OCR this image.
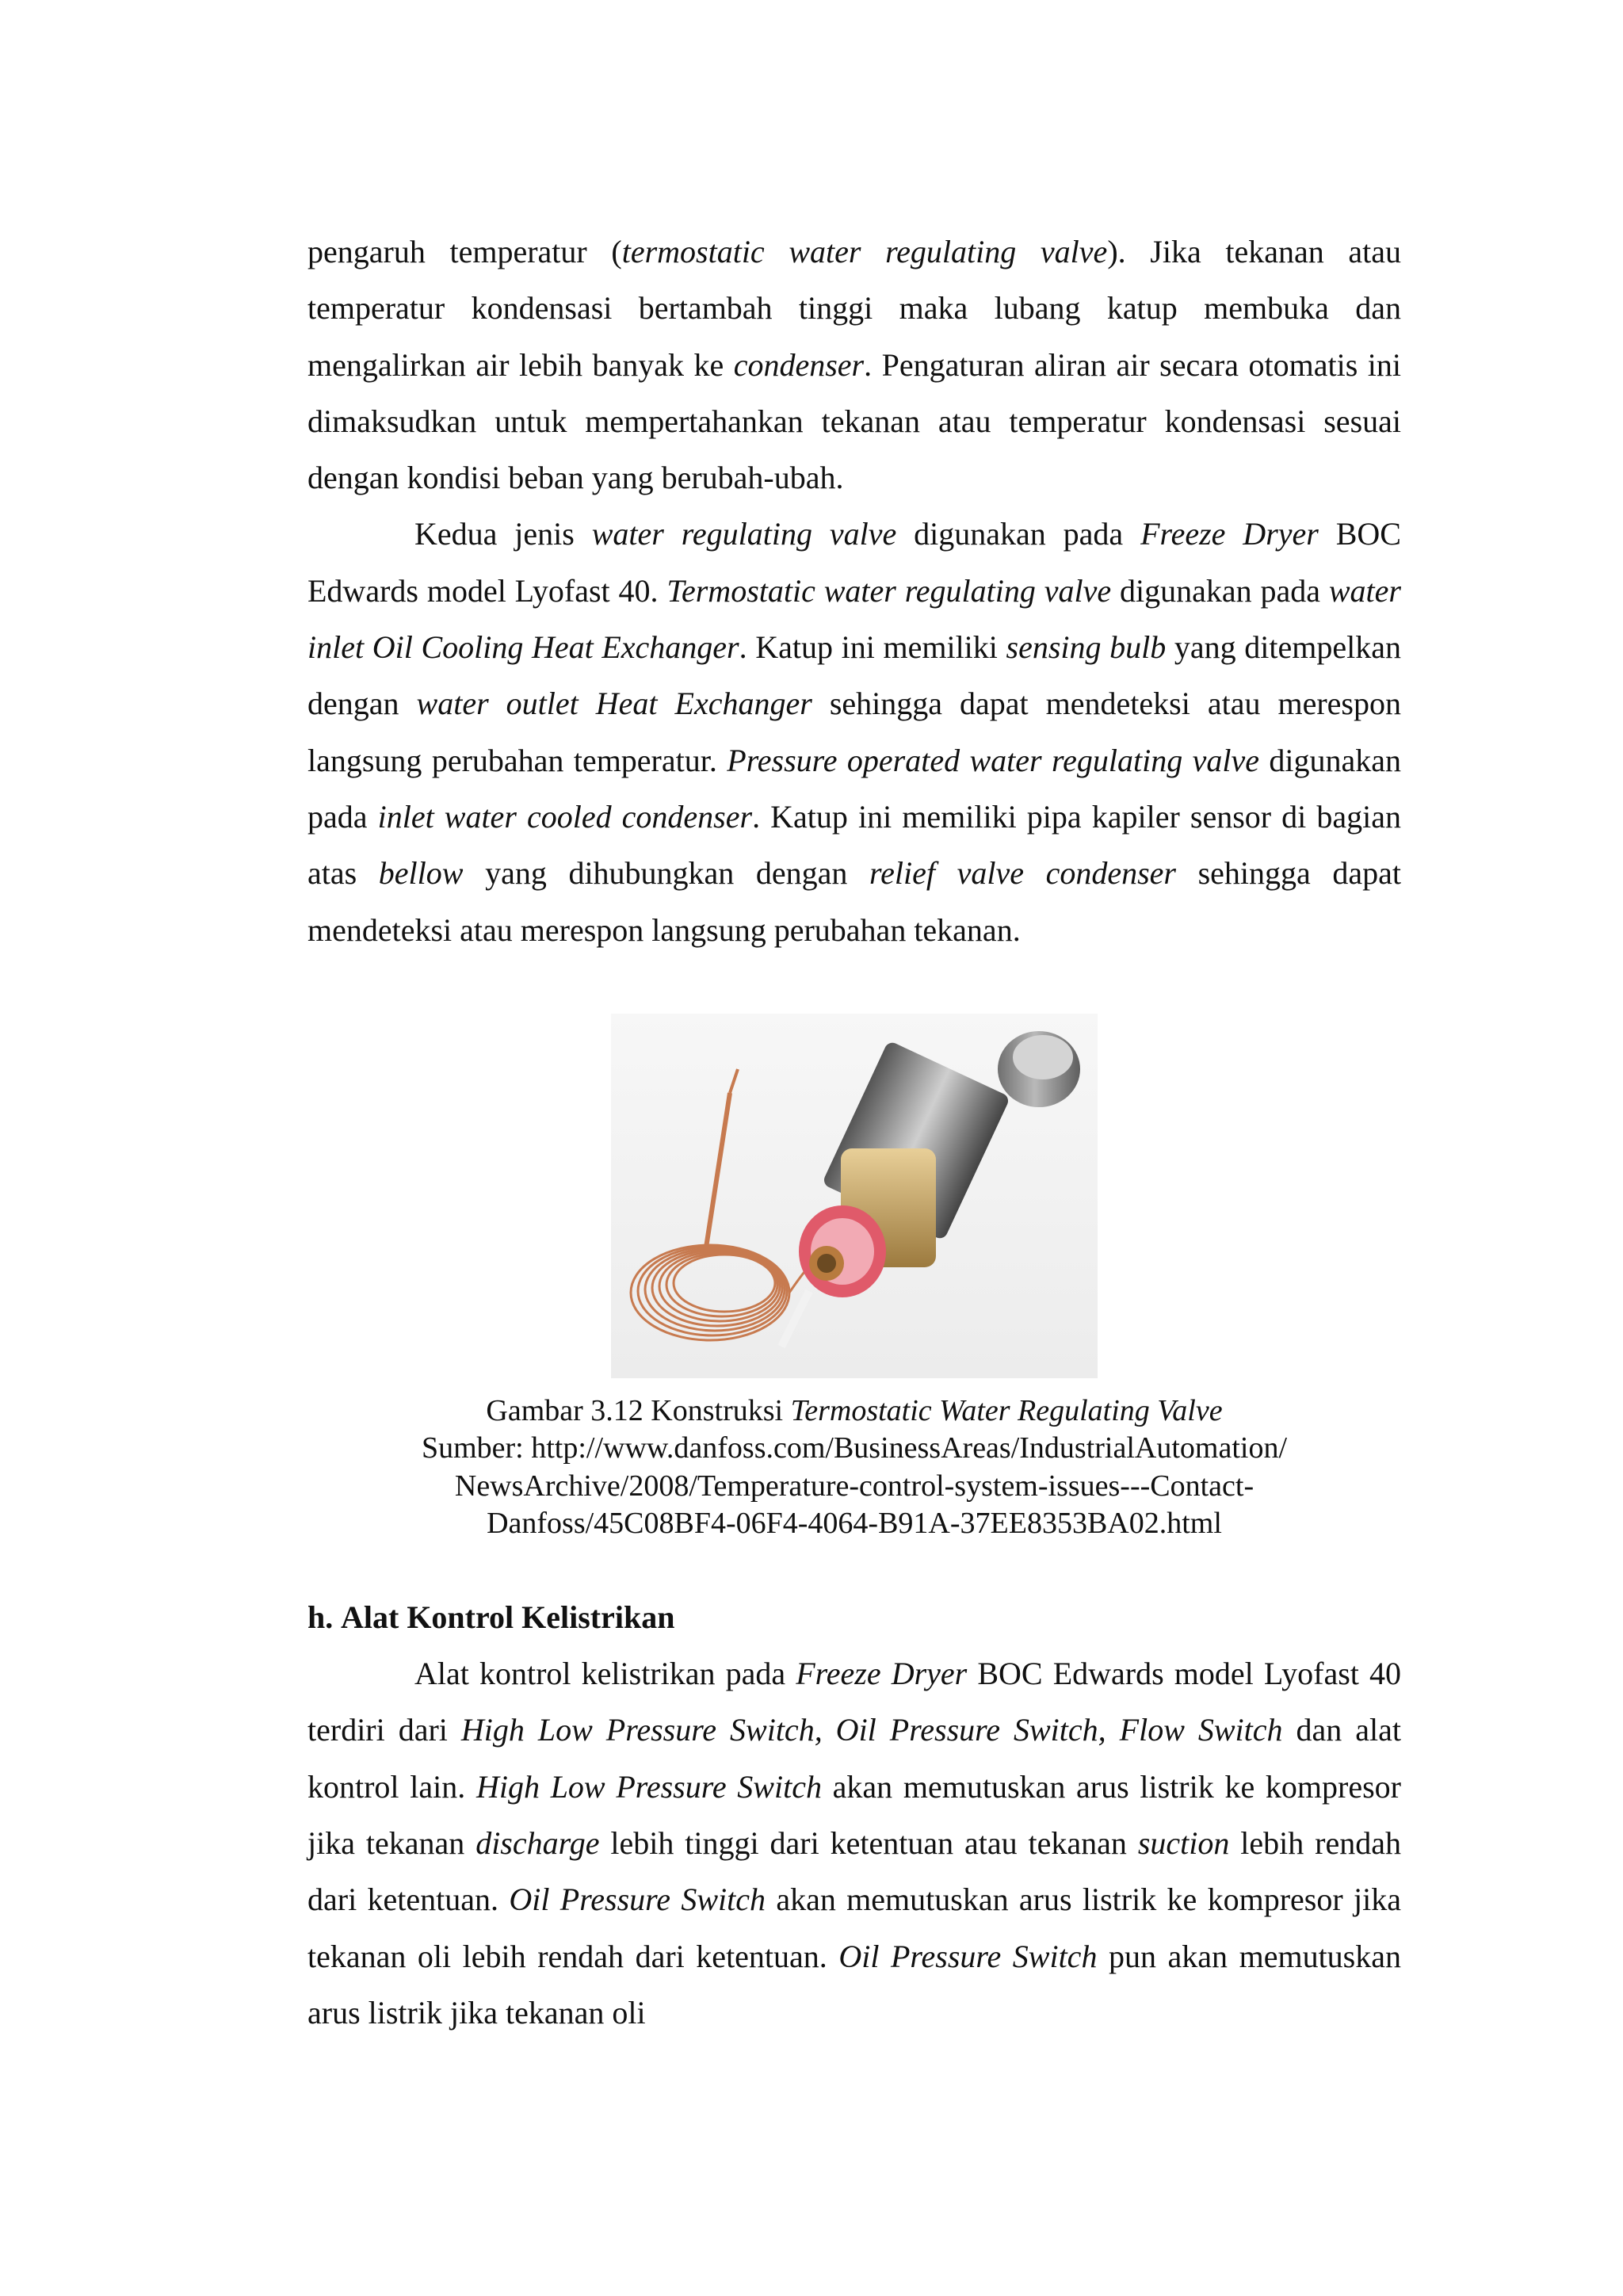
pengaruh temperatur (termostatic water regulating valve). Jika tekanan atau temperatur kondensasi bertambah tinggi maka lubang katup membuka dan mengalirkan air lebih banyak ke condenser. Pengaturan aliran air secara otomatis ini dimaksudkan untuk mempertahankan tekanan atau temperatur kondensasi sesuai dengan kondisi beban yang berubah-ubah.

Kedua jenis water regulating valve digunakan pada Freeze Dryer BOC Edwards model Lyofast 40. Termostatic water regulating valve digunakan pada water inlet Oil Cooling Heat Exchanger. Katup ini memiliki sensing bulb yang ditempelkan dengan water outlet Heat Exchanger sehingga dapat mendeteksi atau merespon langsung perubahan temperatur. Pressure operated water regulating valve digunakan pada inlet water cooled condenser. Katup ini memiliki pipa kapiler sensor di bagian atas bellow yang dihubungkan dengan relief valve condenser sehingga dapat mendeteksi atau merespon langsung perubahan tekanan.

Gambar 3.12 Konstruksi Termostatic Water Regulating Valve
Sumber: http://www.danfoss.com/BusinessAreas/IndustrialAutomation/
NewsArchive/2008/Temperature-control-system-issues---Contact-
Danfoss/45C08BF4-06F4-4064-B91A-37EE8353BA02.html

h. Alat Kontrol Kelistrikan

Alat kontrol kelistrikan pada Freeze Dryer BOC Edwards model Lyofast 40 terdiri dari High Low Pressure Switch, Oil Pressure Switch, Flow Switch dan alat kontrol lain. High Low Pressure Switch akan memutuskan arus listrik ke kompresor jika tekanan discharge lebih tinggi dari ketentuan atau tekanan suction lebih rendah dari ketentuan. Oil Pressure Switch akan memutuskan arus listrik ke kompresor jika tekanan oli lebih rendah dari ketentuan. Oil Pressure Switch pun akan memutuskan arus listrik jika tekanan oli
